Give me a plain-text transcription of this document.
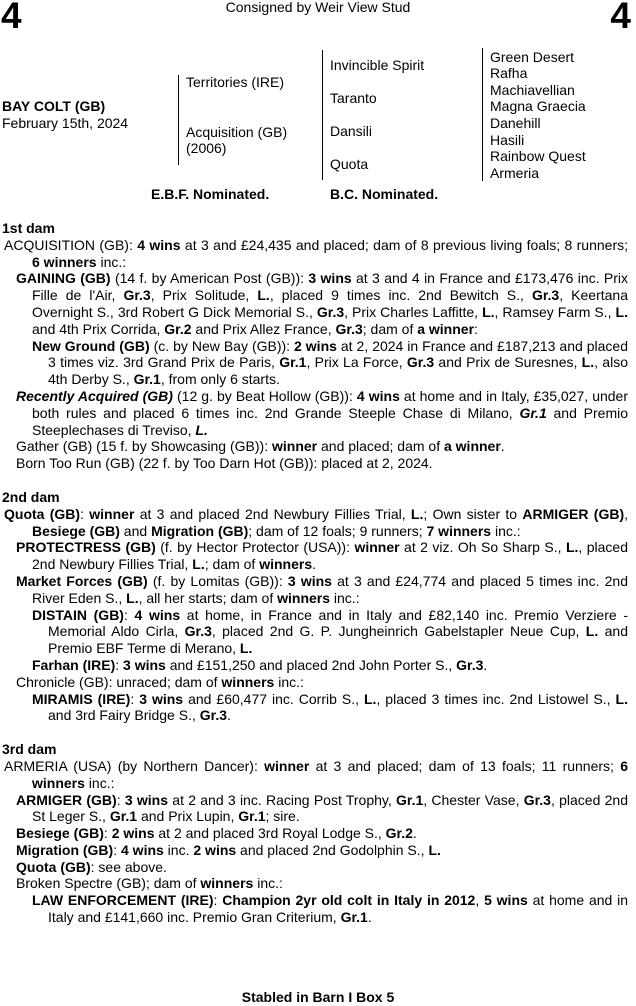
4	4
Consigned by Weir View Stud
BAY COLT (GB)
February 15th, 2024
Territories (IRE)
Acquisition (GB)
(2006)
Invincible Spirit
Taranto
Dansili
Quota
Green Desert
Rafha
Machiavellian
Magna Graecia
Danehill
Hasili
Rainbow Quest
Armeria
E.B.F. Nominated.	B.C. Nominated.

1st dam

ACQUISITION (GB): 4 wins at 3 and £24,435 and placed; dam of 8 previous living foals; 8 runners; 6 winners inc.:

GAINING (GB) (14 f. by American Post (GB)): 3 wins at 3 and 4 in France and £173,476 inc. Prix Fille de l'Air, Gr.3, Prix Solitude, L., placed 9 times inc. 2nd Bewitch S., Gr.3, Keertana Overnight S., 3rd Robert G Dick Memorial S., Gr.3, Prix Charles Laffitte, L., Ramsey Farm S., L. and 4th Prix Corrida, Gr.2 and Prix Allez France, Gr.3; dam of a winner:

New Ground (GB) (c. by New Bay (GB)): 2 wins at 2, 2024 in France and £187,213 and placed 3 times viz. 3rd Grand Prix de Paris, Gr.1, Prix La Force, Gr.3 and Prix de Suresnes, L., also 4th Derby S., Gr.1, from only 6 starts.

Recently Acquired (GB) (12 g. by Beat Hollow (GB)): 4 wins at home and in Italy, £35,027, under both rules and placed 6 times inc. 2nd Grande Steeple Chase di Milano, Gr.1 and Premio Steeplechases di Treviso, L.

Gather (GB) (15 f. by Showcasing (GB)): winner and placed; dam of a winner.

Born Too Run (GB) (22 f. by Too Darn Hot (GB)): placed at 2, 2024.

2nd dam

Quota (GB): winner at 3 and placed 2nd Newbury Fillies Trial, L.; Own sister to ARMIGER (GB), Besiege (GB) and Migration (GB); dam of 12 foals; 9 runners; 7 winners inc.:

PROTECTRESS (GB) (f. by Hector Protector (USA)): winner at 2 viz. Oh So Sharp S., L., placed 2nd Newbury Fillies Trial, L.; dam of winners.

Market Forces (GB) (f. by Lomitas (GB)): 3 wins at 3 and £24,774 and placed 5 times inc. 2nd River Eden S., L., all her starts; dam of winners inc.:

DISTAIN (GB): 4 wins at home, in France and in Italy and £82,140 inc. Premio Verziere - Memorial Aldo Cirla, Gr.3, placed 2nd G. P. Jungheinrich Gabelstapler Neue Cup, L. and Premio EBF Terme di Merano, L.

Farhan (IRE): 3 wins and £151,250 and placed 2nd John Porter S., Gr.3.

Chronicle (GB): unraced; dam of winners inc.:

MIRAMIS (IRE): 3 wins and £60,477 inc. Corrib S., L., placed 3 times inc. 2nd Listowel S., L. and 3rd Fairy Bridge S., Gr.3.

3rd dam

ARMERIA (USA) (by Northern Dancer): winner at 3 and placed; dam of 13 foals; 11 runners; 6 winners inc.:

ARMIGER (GB): 3 wins at 2 and 3 inc. Racing Post Trophy, Gr.1, Chester Vase, Gr.3, placed 2nd St Leger S., Gr.1 and Prix Lupin, Gr.1; sire.

Besiege (GB): 2 wins at 2 and placed 3rd Royal Lodge S., Gr.2.

Migration (GB): 4 wins inc. 2 wins and placed 2nd Godolphin S., L.

Quota (GB): see above.

Broken Spectre (GB); dam of winners inc.:

LAW ENFORCEMENT (IRE): Champion 2yr old colt in Italy in 2012, 5 wins at home and in Italy and £141,660 inc. Premio Gran Criterium, Gr.1.

Stabled in Barn I Box 5
